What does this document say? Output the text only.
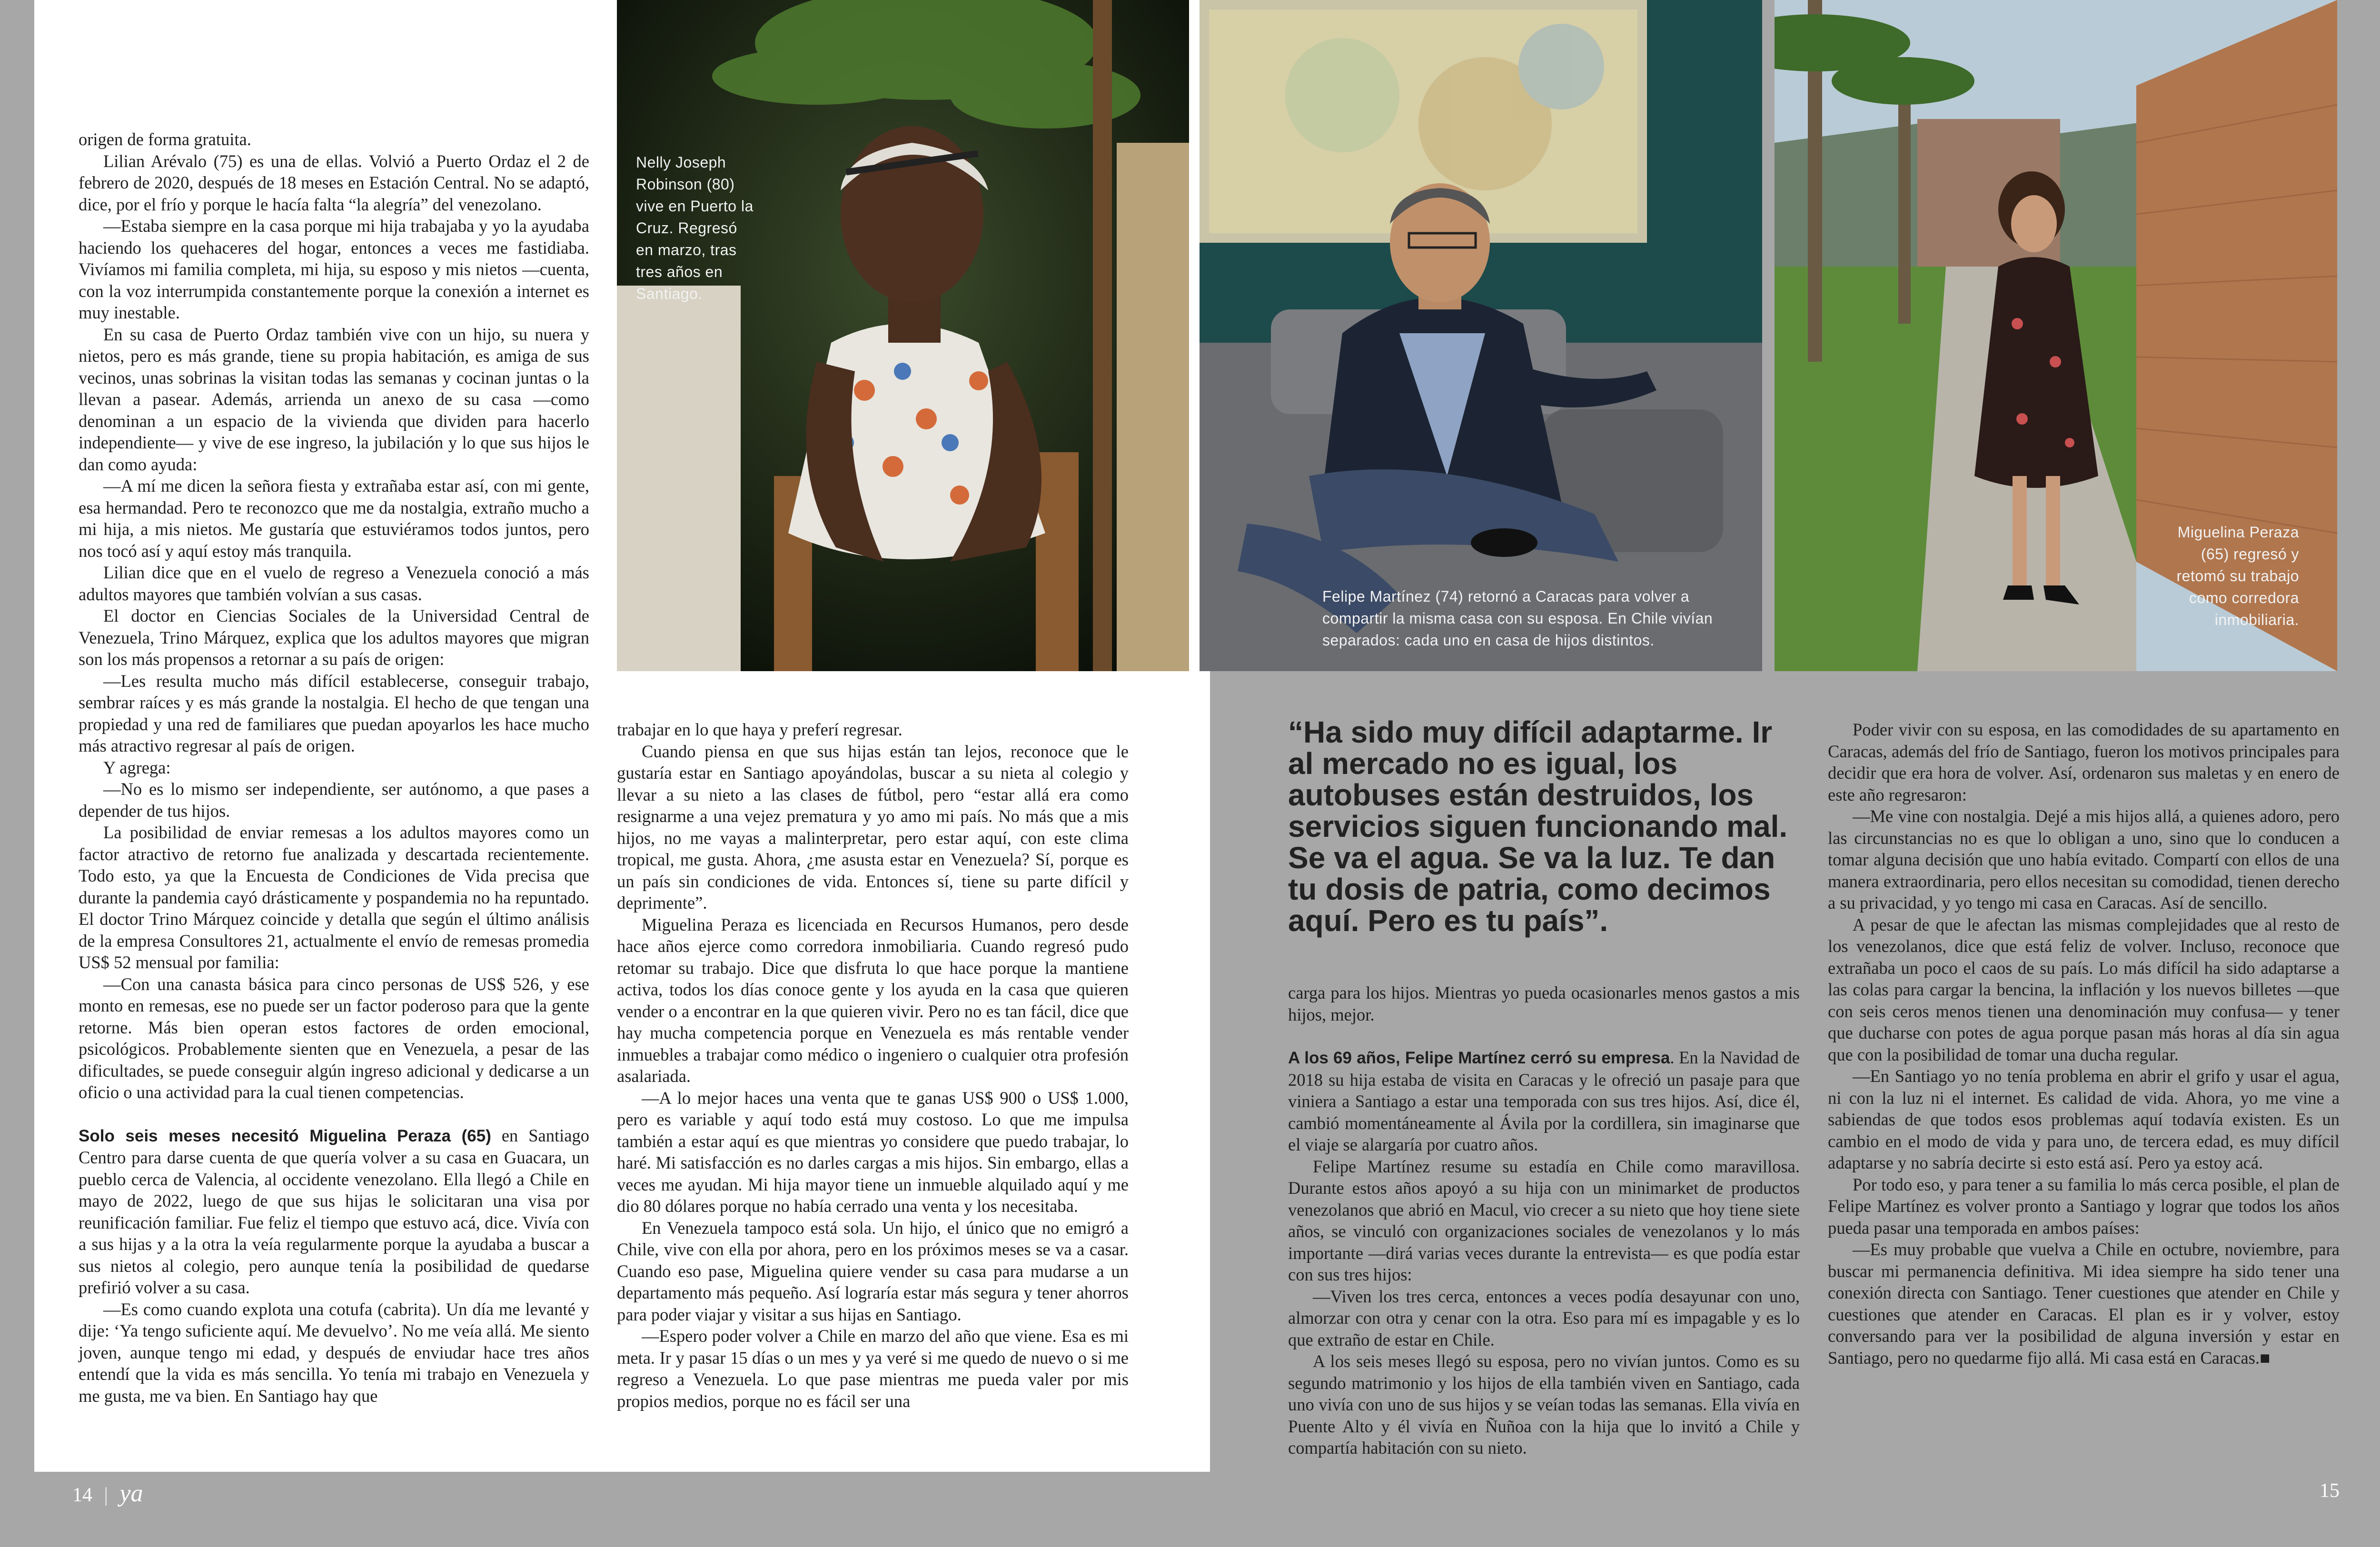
Nelly Joseph Robinson (80) vive en Puerto la Cruz. Regresó en marzo, tras tres años en Santiago.

Felipe Martínez (74) retornó a Caracas para volver a compartir la misma casa con su esposa. En Chile vivían separados: cada uno en casa de hijos distintos.

Miguelina Peraza (65) regresó y retomó su trabajo como corredora inmobiliaria.

origen de forma gratuita.

Lilian Arévalo (75) es una de ellas. Volvió a Puerto Ordaz el 2 de febrero de 2020, después de 18 meses en Estación Central. No se adaptó, dice, por el frío y porque le hacía falta “la alegría” del venezolano.

—Estaba siempre en la casa porque mi hija trabajaba y yo la ayudaba haciendo los quehaceres del hogar, entonces a veces me fastidiaba. Vivíamos mi familia completa, mi hija, su esposo y mis nietos —cuenta, con la voz interrumpida constantemente porque la conexión a internet es muy inestable.

En su casa de Puerto Ordaz también vive con un hijo, su nuera y nietos, pero es más grande, tiene su propia habitación, es amiga de sus vecinos, unas sobrinas la visitan todas las semanas y cocinan juntas o la llevan a pasear. Además, arrienda un anexo de su casa —como denominan a un espacio de la vivienda que dividen para hacerlo independiente— y vive de ese ingreso, la jubilación y lo que sus hijos le dan como ayuda:

—A mí me dicen la señora fiesta y extrañaba estar así, con mi gente, esa hermandad. Pero te reconozco que me da nostalgia, extraño mucho a mi hija, a mis nietos. Me gustaría que estuviéramos todos juntos, pero nos tocó así y aquí estoy más tranquila.

Lilian dice que en el vuelo de regreso a Venezuela conoció a más adultos mayores que también volvían a sus casas.

El doctor en Ciencias Sociales de la Universidad Central de Venezuela, Trino Márquez, explica que los adultos mayores que migran son los más propensos a retornar a su país de origen:

—Les resulta mucho más difícil establecerse, conseguir trabajo, sembrar raíces y es más grande la nostalgia. El hecho de que tengan una propiedad y una red de familiares que puedan apoyarlos les hace mucho más atractivo regresar al país de origen.

Y agrega:

—No es lo mismo ser independiente, ser autónomo, a que pases a depender de tus hijos.

La posibilidad de enviar remesas a los adultos mayores como un factor atractivo de retorno fue analizada y descartada recientemente. Todo esto, ya que la Encuesta de Condiciones de Vida precisa que durante la pandemia cayó drásticamente y pospandemia no ha repuntado. El doctor Trino Márquez coincide y detalla que según el último análisis de la empresa Consultores 21, actualmente el envío de remesas promedia US$ 52 mensual por familia:

—Con una canasta básica para cinco personas de US$ 526, y ese monto en remesas, ese no puede ser un factor poderoso para que la gente retorne. Más bien operan estos factores de orden emocional, psicológicos. Probablemente sienten que en Venezuela, a pesar de las dificultades, se puede conseguir algún ingreso adicional y dedicarse a un oficio o una actividad para la cual tienen competencias.

Solo seis meses necesitó Miguelina Peraza (65) en Santiago Centro para darse cuenta de que quería volver a su casa en Guacara, un pueblo cerca de Valencia, al occidente venezolano. Ella llegó a Chile en mayo de 2022, luego de que sus hijas le solicitaran una visa por reunificación familiar. Fue feliz el tiempo que estuvo acá, dice. Vivía con a sus hijas y a la otra la veía regularmente porque la ayudaba a buscar a sus nietos al colegio, pero aunque tenía la posibilidad de quedarse prefirió volver a su casa.

—Es como cuando explota una cotufa (cabrita). Un día me levanté y dije: ‘Ya tengo suficiente aquí. Me devuelvo’. No me veía allá. Me siento joven, aunque tengo mi edad, y después de enviudar hace tres años entendí que la vida es más sencilla. Yo tenía mi trabajo en Venezuela y me gusta, me va bien. En Santiago hay que

trabajar en lo que haya y preferí regresar.

Cuando piensa en que sus hijas están tan lejos, reconoce que le gustaría estar en Santiago apoyándolas, buscar a su nieta al colegio y llevar a su nieto a las clases de fútbol, pero “estar allá era como resignarme a una vejez prematura y yo amo mi país. No más que a mis hijos, no me vayas a malinterpretar, pero estar aquí, con este clima tropical, me gusta. Ahora, ¿me asusta estar en Venezuela? Sí, porque es un país sin condiciones de vida. Entonces sí, tiene su parte difícil y deprimente”.

Miguelina Peraza es licenciada en Recursos Humanos, pero desde hace años ejerce como corredora inmobiliaria. Cuando regresó pudo retomar su trabajo. Dice que disfruta lo que hace porque la mantiene activa, todos los días conoce gente y los ayuda en la casa que quieren vender o a encontrar en la que quieren vivir. Pero no es tan fácil, dice que hay mucha competencia porque en Venezuela es más rentable vender inmuebles a trabajar como médico o ingeniero o cualquier otra profesión asalariada.

—A lo mejor haces una venta que te ganas US$ 900 o US$ 1.000, pero es variable y aquí todo está muy costoso. Lo que me impulsa también a estar aquí es que mientras yo considere que puedo trabajar, lo haré. Mi satisfacción es no darles cargas a mis hijos. Sin embargo, ellas a veces me ayudan. Mi hija mayor tiene un inmueble alquilado aquí y me dio 80 dólares porque no había cerrado una venta y los necesitaba.

En Venezuela tampoco está sola. Un hijo, el único que no emigró a Chile, vive con ella por ahora, pero en los próximos meses se va a casar. Cuando eso pase, Miguelina quiere vender su casa para mudarse a un departamento más pequeño. Así lograría estar más segura y tener ahorros para poder viajar y visitar a sus hijas en Santiago.

—Espero poder volver a Chile en marzo del año que viene. Esa es mi meta. Ir y pasar 15 días o un mes y ya veré si me quedo de nuevo o si me regreso a Venezuela. Lo que pase mientras me pueda valer por mis propios medios, porque no es fácil ser una

“Ha sido muy difícil adaptarme. Ir al mercado no es igual, los autobuses están destruidos, los servicios siguen funcionando mal. Se va el agua. Se va la luz. Te dan tu dosis de patria, como decimos aquí. Pero es tu país”.

carga para los hijos. Mientras yo pueda ocasionarles menos gastos a mis hijos, mejor.

A los 69 años, Felipe Martínez cerró su empresa. En la Navidad de 2018 su hija estaba de visita en Caracas y le ofreció un pasaje para que viniera a Santiago a estar una temporada con sus tres hijos. Así, dice él, cambió momentáneamente al Ávila por la cordillera, sin imaginarse que el viaje se alargaría por cuatro años.

Felipe Martínez resume su estadía en Chile como maravillosa. Durante estos años apoyó a su hija con un minimarket de productos venezolanos que abrió en Macul, vio crecer a su nieto que hoy tiene siete años, se vinculó con organizaciones sociales de venezolanos y lo más importante —dirá varias veces durante la entrevista— es que podía estar con sus tres hijos:

—Viven los tres cerca, entonces a veces podía desayunar con uno, almorzar con otra y cenar con la otra. Eso para mí es impagable y es lo que extraño de estar en Chile.

A los seis meses llegó su esposa, pero no vivían juntos. Como es su segundo matrimonio y los hijos de ella también viven en Santiago, cada uno vivía con uno de sus hijos y se veían todas las semanas. Ella vivía en Puente Alto y él vivía en Ñuñoa con la hija que lo invitó a Chile y compartía habitación con su nieto.

Poder vivir con su esposa, en las comodidades de su apartamento en Caracas, además del frío de Santiago, fueron los motivos principales para decidir que era hora de volver. Así, ordenaron sus maletas y en enero de este año regresaron:

—Me vine con nostalgia. Dejé a mis hijos allá, a quienes adoro, pero las circunstancias no es que lo obligan a uno, sino que lo conducen a tomar alguna decisión que uno había evitado. Compartí con ellos de una manera extraordinaria, pero ellos necesitan su comodidad, tienen derecho a su privacidad, y yo tengo mi casa en Caracas. Así de sencillo.

A pesar de que le afectan las mismas complejidades que al resto de los venezolanos, dice que está feliz de volver. Incluso, reconoce que extrañaba un poco el caos de su país. Lo más difícil ha sido adaptarse a las colas para cargar la bencina, la inflación y los nuevos billetes —que con seis ceros menos tienen una denominación muy confusa— y tener que ducharse con potes de agua porque pasan más horas al día sin agua que con la posibilidad de tomar una ducha regular.

—En Santiago yo no tenía problema en abrir el grifo y usar el agua, ni con la luz ni el internet. Es calidad de vida. Ahora, yo me vine a sabiendas de que todos esos problemas aquí todavía existen. Es un cambio en el modo de vida y para uno, de tercera edad, es muy difícil adaptarse y no sabría decirte si esto está así. Pero ya estoy acá.

Por todo eso, y para tener a su familia lo más cerca posible, el plan de Felipe Martínez es volver pronto a Santiago y lograr que todos los años pueda pasar una temporada en ambos países:

—Es muy probable que vuelva a Chile en octubre, noviembre, para buscar mi permanencia definitiva. Mi idea siempre ha sido tener una conexión directa con Santiago. Tener cuestiones que atender en Chile y cuestiones que atender en Caracas. El plan es ir y volver, estoy conversando para ver la posibilidad de alguna inversión y estar en Santiago, pero no quedarme fijo allá. Mi casa está en Caracas.■

14 | ya	15
